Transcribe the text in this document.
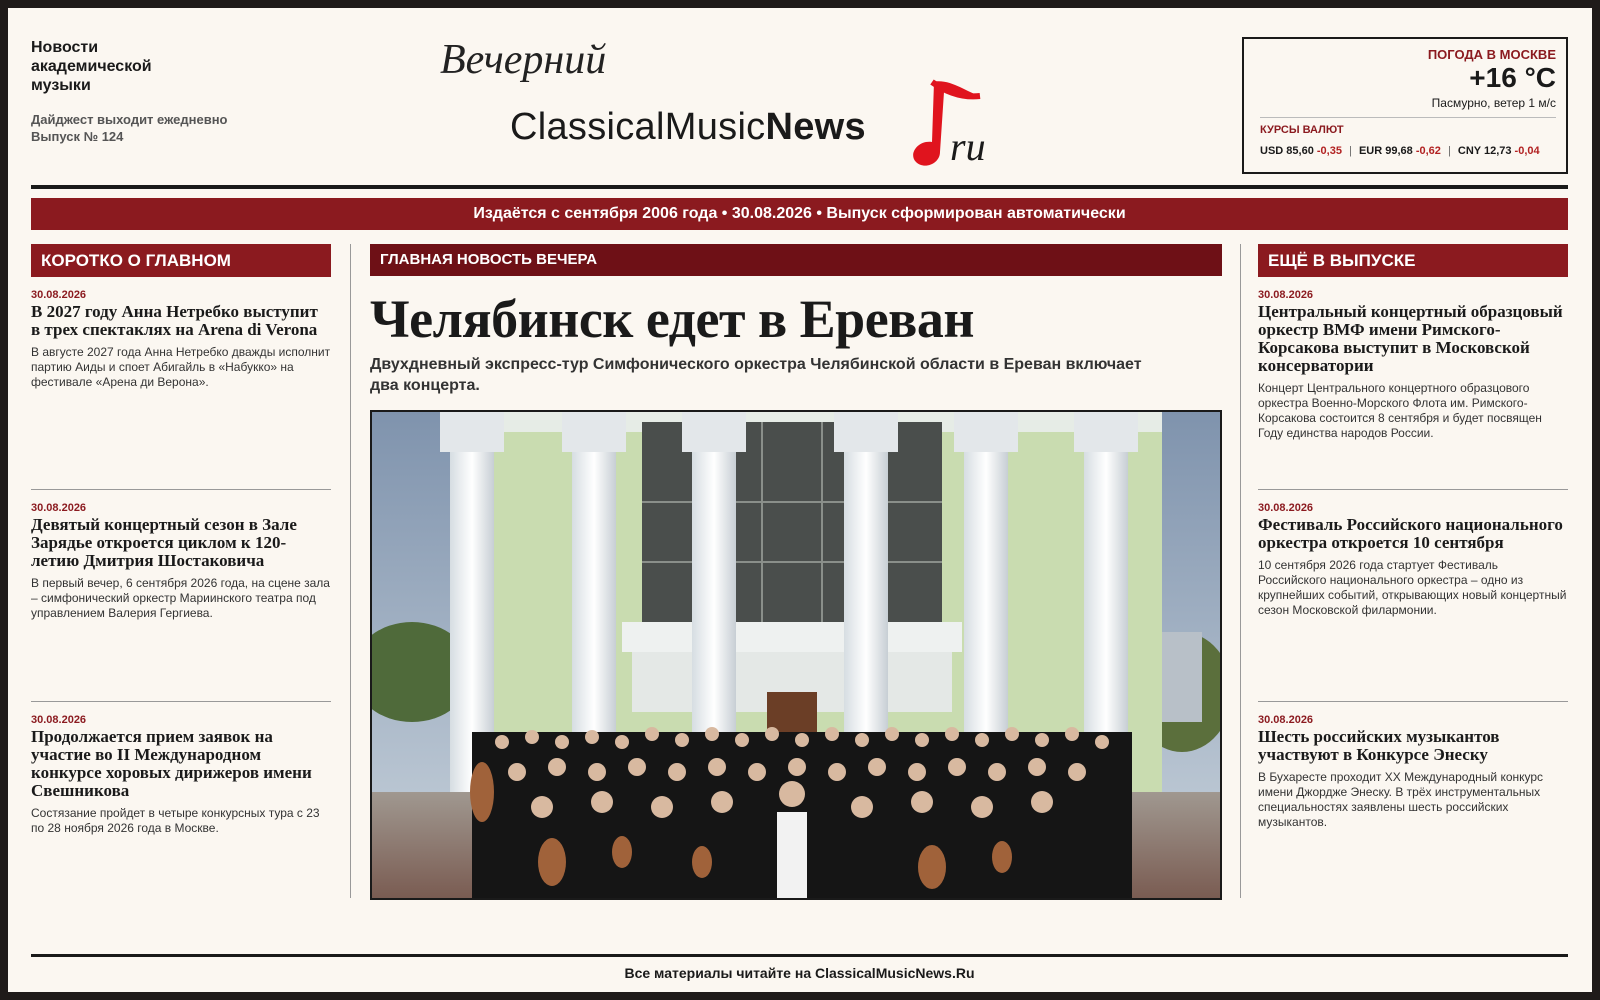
Новости академической музыки
Дайджест выходит ежедневно
Выпуск № 124
Вечерний
ClassicalMusicNews ru
ПОГОДА В МОСКВЕ
+16 °C
Пасмурно, ветер 1 м/с
КУРСЫ ВАЛЮТ
USD 85,60 -0,35 | EUR 99,68 -0,62 | CNY 12,73 -0,04
Издаётся с сентября 2006 года • 30.08.2026 • Выпуск сформирован автоматически
КОРОТКО О ГЛАВНОМ
30.08.2026
В 2027 году Анна Нетребко выступит в трех спектаклях на Arena di Verona
В августе 2027 года Анна Нетребко дважды исполнит партию Аиды и споет Абигайль в «Набукко» на фестивале «Арена ди Верона».
30.08.2026
Девятый концертный сезон в Зале Зарядье откроется циклом к 120-летию Дмитрия Шостаковича
В первый вечер, 6 сентября 2026 года, на сцене зала – симфонический оркестр Мариинского театра под управлением Валерия Гергиева.
30.08.2026
Продолжается прием заявок на участие во II Международном конкурсе хоровых дирижеров имени Свешникова
Состязание пройдет в четыре конкурсных тура с 23 по 28 ноября 2026 года в Москве.
ГЛАВНАЯ НОВОСТЬ ВЕЧЕРА
Челябинск едет в Ереван
Двухдневный экспресс-тур Симфонического оркестра Челябинской области в Ереван включает два концерта.
ЕЩЁ В ВЫПУСКЕ
30.08.2026
Центральный концертный образцовый оркестр ВМФ имени Римского-Корсакова выступит в Московской консерватории
Концерт Центрального концертного образцового оркестра Военно-Морского Флота им. Римского-Корсакова состоится 8 сентября и будет посвящен Году единства народов России.
30.08.2026
Фестиваль Российского национального оркестра откроется 10 сентября
10 сентября 2026 года стартует Фестиваль Российского национального оркестра – одно из крупнейших событий, открывающих новый концертный сезон Московской филармонии.
30.08.2026
Шесть российских музыкантов участвуют в Конкурсе Энеску
В Бухаресте проходит XX Международный конкурс имени Джордже Энеску. В трёх инструментальных специальностях заявлены шесть российских музыкантов.
Все материалы читайте на ClassicalMusicNews.Ru
